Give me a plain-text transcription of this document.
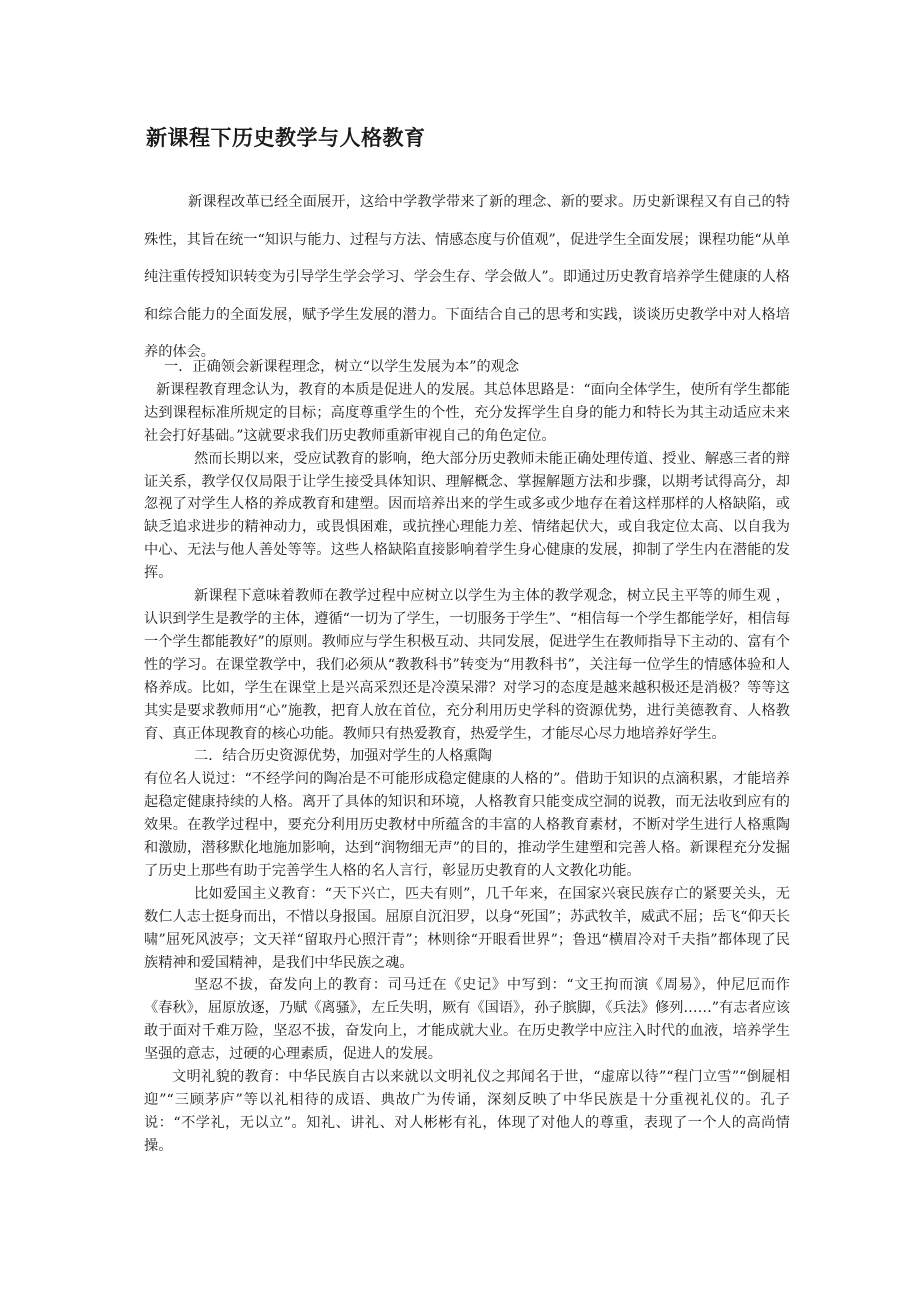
新课程下历史教学与人格教育

新课程改革已经全面展开，这给中学教学带来了新的理念、新的要求。历史新课程又有自己的特殊性，其旨在统一“知识与能力、过程与方法、情感态度与价值观”，促进学生全面发展；课程功能“从单纯注重传授知识转变为引导学生学会学习、学会生存、学会做人”。即通过历史教育培养学生健康的人格和综合能力的全面发展，赋予学生发展的潜力。下面结合自己的思考和实践，谈谈历史教学中对人格培养的体会。

一．正确领会新课程理念，树立“以学生发展为本”的观念

新课程教育理念认为，教育的本质是促进人的发展。其总体思路是：“面向全体学生，使所有学生都能达到课程标准所规定的目标；高度尊重学生的个性，充分发挥学生自身的能力和特长为其主动适应未来社会打好基础。”这就要求我们历史教师重新审视自己的角色定位。

然而长期以来，受应试教育的影响，绝大部分历史教师未能正确处理传道、授业、解惑三者的辩证关系，教学仅仅局限于让学生接受具体知识、理解概念、掌握解题方法和步骤，以期考试得高分，却忽视了对学生人格的养成教育和建塑。因而培养出来的学生或多或少地存在着这样那样的人格缺陷，或缺乏追求进步的精神动力，或畏惧困难，或抗挫心理能力差、情绪起伏大，或自我定位太高、以自我为中心、无法与他人善处等等。这些人格缺陷直接影响着学生身心健康的发展，抑制了学生内在潜能的发挥。

新课程下意味着教师在教学过程中应树立以学生为主体的教学观念，树立民主平等的师生观 ，认识到学生是教学的主体，遵循“一切为了学生，一切服务于学生”、“相信每一个学生都能学好，相信每一个学生都能教好”的原则。教师应与学生积极互动、共同发展，促进学生在教师指导下主动的、富有个性的学习。在课堂教学中，我们必须从“教教科书”转变为“用教科书”，关注每一位学生的情感体验和人格养成。比如，学生在课堂上是兴高采烈还是冷漠呆滞？对学习的态度是越来越积极还是消极？等等这其实是要求教师用“心”施教，把育人放在首位，充分利用历史学科的资源优势，进行美德教育、人格教育、真正体现教育的核心功能。教师只有热爱教育，热爱学生，才能尽心尽力地培养好学生。

二．结合历史资源优势，加强对学生的人格熏陶

有位名人说过：“不经学问的陶冶是不可能形成稳定健康的人格的”。借助于知识的点滴积累，才能培养起稳定健康持续的人格。离开了具体的知识和环境，人格教育只能变成空洞的说教，而无法收到应有的效果。在教学过程中，要充分利用历史教材中所蕴含的丰富的人格教育素材，不断对学生进行人格熏陶和激励，潜移默化地施加影响，达到“润物细无声”的目的，推动学生建塑和完善人格。新课程充分发掘了历史上那些有助于完善学生人格的名人言行，彰显历史教育的人文教化功能。

比如爱国主义教育：“天下兴亡，匹夫有则”，几千年来，在国家兴衰民族存亡的紧要关头，无数仁人志士挺身而出，不惜以身报国。屈原自沉汨罗，以身“死国”；苏武牧羊，威武不屈；岳飞“仰天长啸”屈死风波亭；文天祥“留取丹心照汗青”；林则徐“开眼看世界”；鲁迅“横眉冷对千夫指”都体现了民族精神和爱国精神，是我们中华民族之魂。

坚忍不拔，奋发向上的教育：司马迁在《史记》中写到：“文王拘而演《周易》，仲尼厄而作《春秋》，屈原放逐，乃赋《离骚》，左丘失明，厥有《国语》，孙子膑脚，《兵法》修列……”有志者应该敢于面对千难万险，坚忍不拔，奋发向上，才能成就大业。在历史教学中应注入时代的血液，培养学生坚强的意志，过硬的心理素质，促进人的发展。

文明礼貌的教育：中华民族自古以来就以文明礼仪之邦闻名于世，“虚席以待”“程门立雪”“倒屣相迎”“三顾茅庐”等以礼相待的成语、典故广为传诵，深刻反映了中华民族是十分重视礼仪的。孔子说：“不学礼，无以立”。知礼、讲礼、对人彬彬有礼，体现了对他人的尊重，表现了一个人的高尚情操。
